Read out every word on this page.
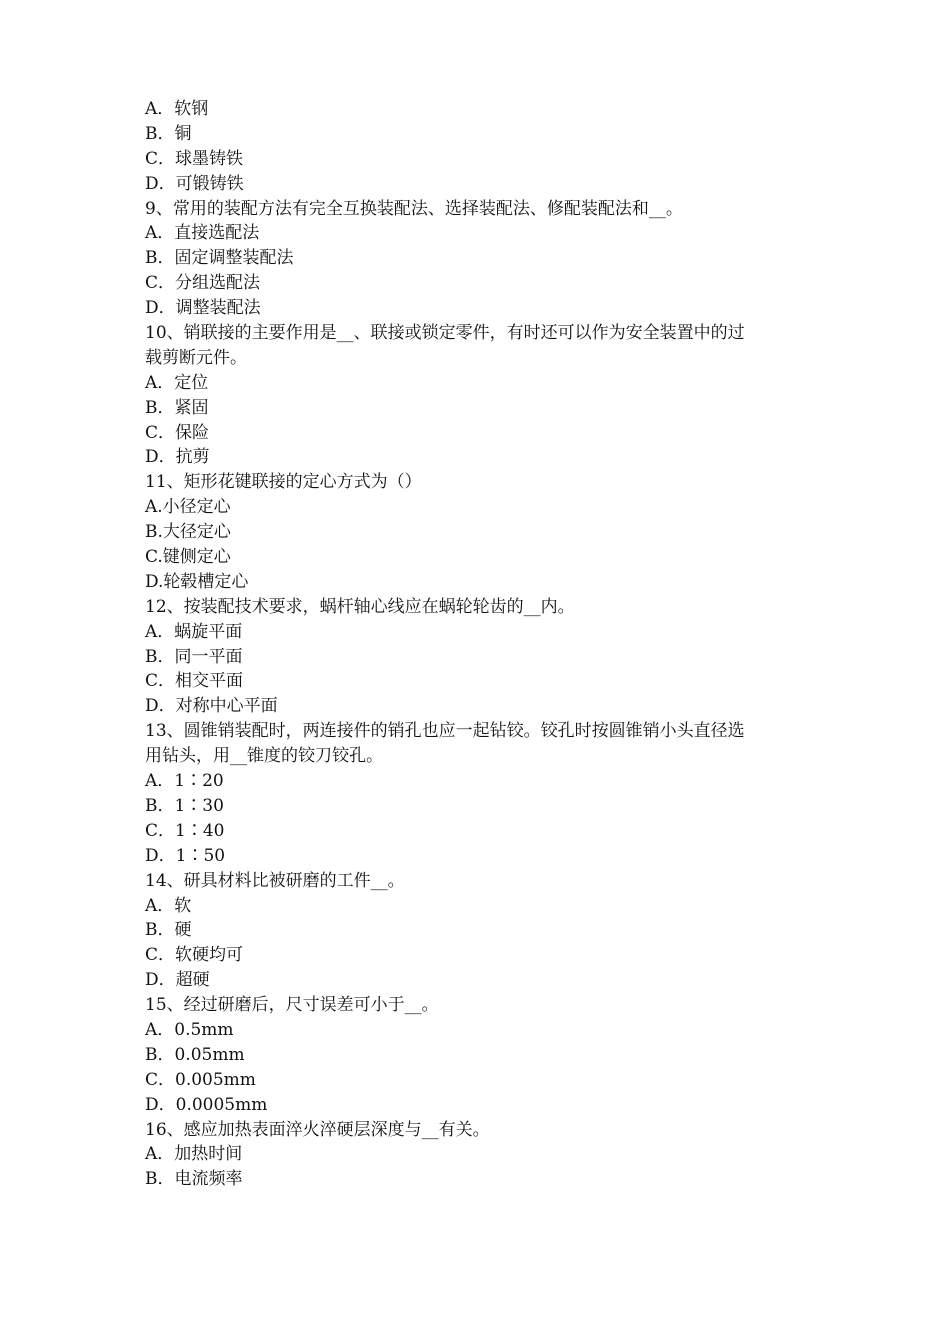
A．软钢
B．铜
C．球墨铸铁
D．可锻铸铁
9、常用的装配方法有完全互换装配法、选择装配法、修配装配法和__。
A．直接选配法
B．固定调整装配法
C．分组选配法
D．调整装配法
10、销联接的主要作用是__、联接或锁定零件，有时还可以作为安全装置中的过
载剪断元件。
A．定位
B．紧固
C．保险
D．抗剪
11、矩形花键联接的定心方式为（）
A.小径定心
B.大径定心
C.键侧定心
D.轮毂槽定心
12、按装配技术要求，蜗杆轴心线应在蜗轮轮齿的__内。
A．蜗旋平面
B．同一平面
C．相交平面
D．对称中心平面
13、圆锥销装配时，两连接件的销孔也应一起钻铰。铰孔时按圆锥销小头直径选
用钻头，用__锥度的铰刀铰孔。
A．1∶20
B．1∶30
C．1∶40
D．1∶50
14、研具材料比被研磨的工件__。
A．软
B．硬
C．软硬均可
D．超硬
15、经过研磨后，尺寸误差可小于__。
A．0.5mm
B．0.05mm
C．0.005mm
D．0.0005mm
16、感应加热表面淬火淬硬层深度与__有关。
A．加热时间
B．电流频率
